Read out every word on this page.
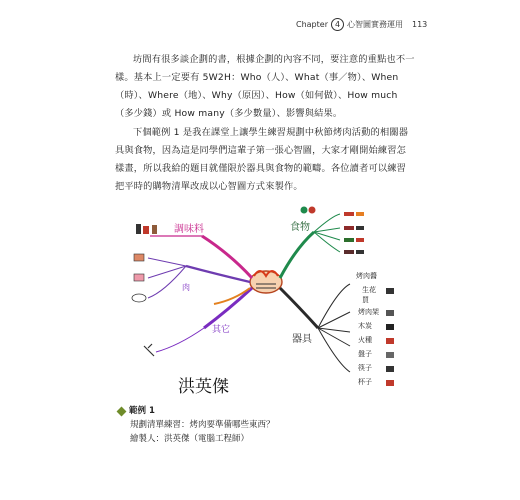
Chapter 4 心智圖實務運用 113

坊間有很多談企劃的書，根據企劃的內容不同，要注意的重點也不一樣。基本上一定要有 5W2H：Who（人）、What（事／物）、When（時）、Where（地）、Why（原因）、How（如何做）、How much（多少錢）或 How many（多少數量）、影響與結果。

下個範例 1 是我在課堂上讓學生練習規劃中秋節烤肉活動的相關器具與食物，因為這是同學們這輩子第一張心智圖，大家才剛開始練習怎樣畫，所以我給的題目就僅限於器具與食物的範疇。各位讀者可以練習把平時的購物清單改成以心智圖方式來製作。

調味料	食物
器具
其它
肉
烤肉醬
生花
買
烤肉架
木炭
火種
盤子
筷子
杯子
洪英傑
範例 1
規劃清單練習：烤肉要準備哪些東西？
繪製人：洪英傑（電腦工程師）
